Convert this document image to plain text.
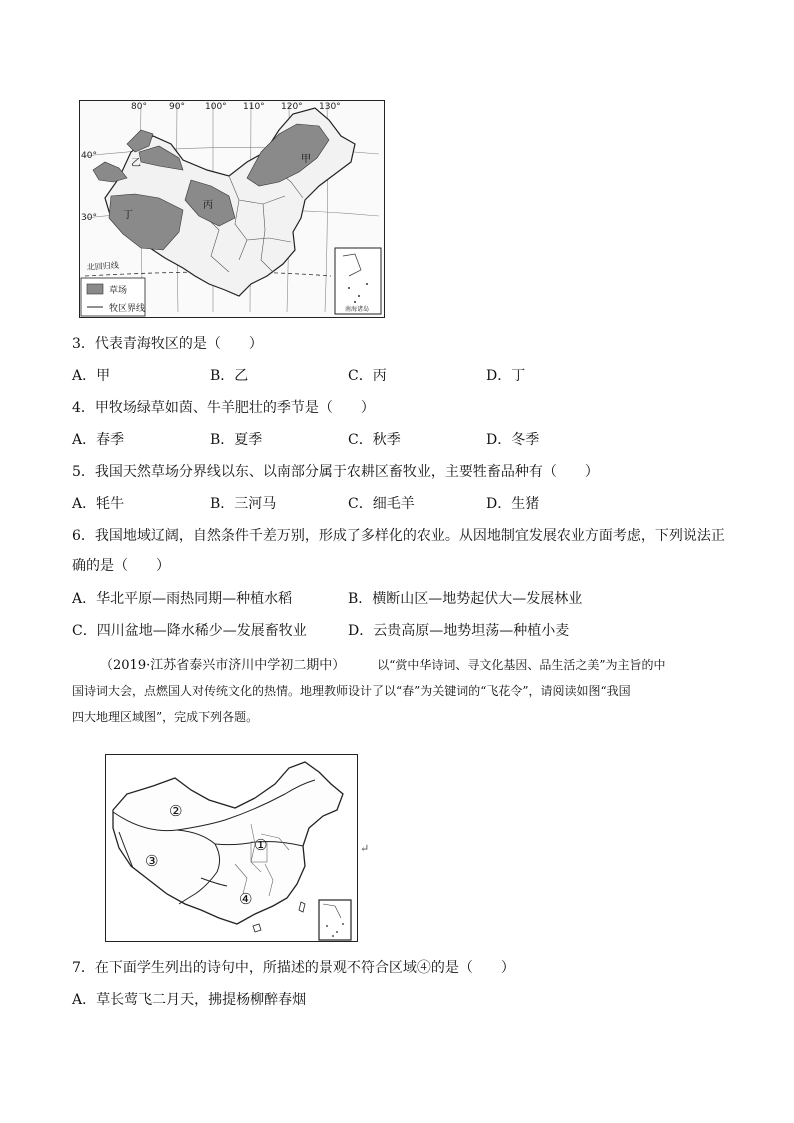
南海诸岛
80° 90° 100° 110° 120° 130°
40°
30°
甲
乙
丙
丁
北回归线
草场
牧区界线
3．代表青海牧区的是（　　）
A．甲	B．乙	C．丙	D．丁
4．甲牧场绿草如茵、牛羊肥壮的季节是（　　）
A．春季	B．夏季	C．秋季	D．冬季
5．我国天然草场分界线以东、以南部分属于农耕区畜牧业，主要牲畜品种有（　　）
A．牦牛	B．三河马	C．细毛羊	D．生猪
6．我国地域辽阔，自然条件千差万别，形成了多样化的农业。从因地制宜发展农业方面考虑，下列说法正
确的是（　　）
A．华北平原—雨热同期—种植水稻	B．横断山区—地势起伏大—发展林业
C．四川盆地—降水稀少—发展畜牧业	D．云贵高原—地势坦荡—种植小麦
（2019·江苏省泰兴市济川中学初二期中）	以“赏中华诗词、寻文化基因、品生活之美”为主旨的中
国诗词大会，点燃国人对传统文化的热情。地理教师设计了以“春”为关键词的“飞花令”，请阅读如图“我国
四大地理区域图”，完成下列各题。
①
②
③
④
↵
7．在下面学生列出的诗句中，所描述的景观不符合区域④的是（　　）
A．草长莺飞二月天，拂提杨柳醉春烟
